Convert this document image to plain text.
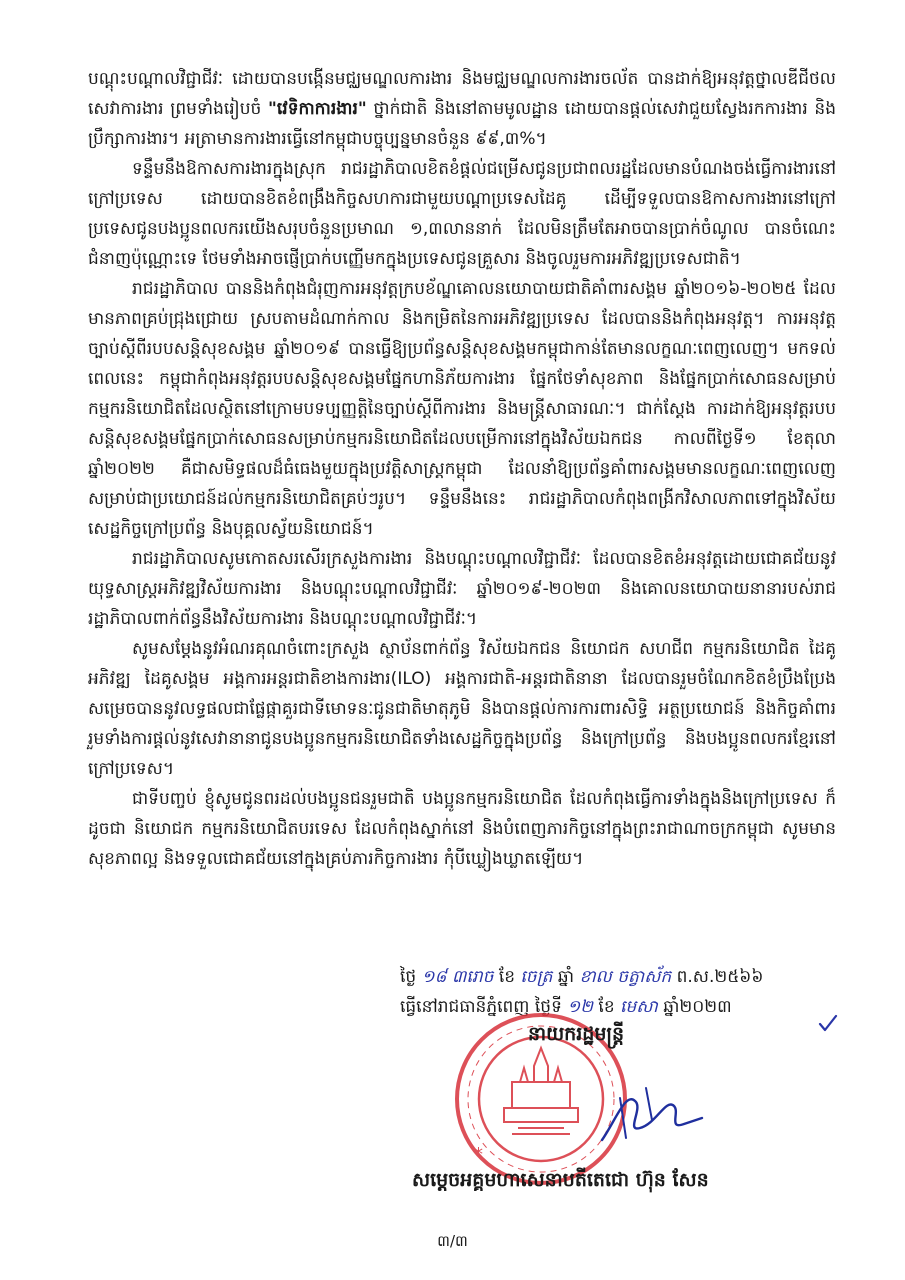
បណ្តុះបណ្តាលវិជ្ជាជីវៈ ដោយបានបង្កើនមជ្ឈមណ្ឌលការងារ និងមជ្ឈមណ្ឌលការងារចល័ត បានដាក់ឱ្យអនុវត្តថ្នាលឌីជីថលសេវាការងារ ព្រមទាំងរៀបចំ "វេទិកាការងារ" ថ្នាក់ជាតិ និងនៅតាមមូលដ្ឋាន ដោយបានផ្តល់សេវាជួយស្វែងរកការងារ និងប្រឹក្សាការងារ។ អត្រាមានការងារធ្វើនៅកម្ពុជាបច្ចុប្បន្នមានចំនួន ៩៩,៣%។

ទន្ទឹមនឹងឱកាសការងារក្នុងស្រុក រាជរដ្ឋាភិបាលខិតខំផ្តល់ជម្រើសជូនប្រជាពលរដ្ឋដែលមានបំណងចង់ធ្វើការងារនៅក្រៅប្រទេស ដោយបានខិតខំពង្រឹងកិច្ចសហការជាមួយបណ្តាប្រទេសដៃគូ ដើម្បីទទួលបានឱកាសការងារនៅក្រៅប្រទេសជូនបងប្អូនពលករយើងសរុបចំនួនប្រមាណ ១,៣លាននាក់ ដែលមិនត្រឹមតែអាចបានប្រាក់ចំណូល បានចំណេះជំនាញប៉ុណ្ណោះទេ ថែមទាំងអាចផ្ញើប្រាក់បញ្ញើមកក្នុងប្រទេសជូនគ្រួសារ និងចូលរួមការអភិវឌ្ឍប្រទេសជាតិ។

រាជរដ្ឋាភិបាល បាននិងកំពុងជំរុញការអនុវត្តក្របខ័ណ្ឌគោលនយោបាយជាតិគាំពារសង្គម ឆ្នាំ២០១៦-២០២៥ ដែលមានភាពគ្រប់ជ្រុងជ្រោយ ស្របតាមដំណាក់កាល និងកម្រិតនៃការអភិវឌ្ឍប្រទេស ដែលបាននិងកំពុងអនុវត្ត។ ការអនុវត្តច្បាប់ស្តីពីរបបសន្តិសុខសង្គម ឆ្នាំ២០១៩ បានធ្វើឱ្យប្រព័ន្ធសន្តិសុខសង្គមកម្ពុជាកាន់តែមានលក្ខណៈពេញលេញ។ មកទល់ពេលនេះ កម្ពុជាកំពុងអនុវត្តរបបសន្តិសុខសង្គមផ្នែកហានិភ័យការងារ ផ្នែកថែទាំសុខភាព និងផ្នែកប្រាក់សោធនសម្រាប់កម្មករនិយោជិតដែលស្ថិតនៅក្រោមបទប្បញ្ញត្តិនៃច្បាប់ស្តីពីការងារ និងមន្ត្រីសាធារណៈ។ ជាក់ស្តែង ការដាក់ឱ្យអនុវត្តរបបសន្តិសុខសង្គមផ្នែកប្រាក់សោធនសម្រាប់កម្មករនិយោជិតដែលបម្រើការនៅក្នុងវិស័យឯកជន កាលពីថ្ងៃទី១ ខែតុលា ឆ្នាំ២០២២ គឺជាសមិទ្ធផលដ៏ធំធេងមួយក្នុងប្រវត្តិសាស្ត្រកម្ពុជា ដែលនាំឱ្យប្រព័ន្ធគាំពារសង្គមមានលក្ខណៈពេញលេញសម្រាប់ជាប្រយោជន៍ដល់កម្មករនិយោជិតគ្រប់ៗរូប។ ទន្ទឹមនឹងនេះ រាជរដ្ឋាភិបាលកំពុងពង្រីកវិសាលភាពទៅក្នុងវិស័យសេដ្ឋកិច្ចក្រៅប្រព័ន្ធ និងបុគ្គលស្វ័យនិយោជន៍។

រាជរដ្ឋាភិបាលសូមកោតសរសើរក្រសួងការងារ និងបណ្តុះបណ្តាលវិជ្ជាជីវៈ ដែលបានខិតខំអនុវត្តដោយជោគជ័យនូវយុទ្ធសាស្ត្រអភិវឌ្ឍវិស័យការងារ និងបណ្តុះបណ្តាលវិជ្ជាជីវៈ ឆ្នាំ២០១៩-២០២៣ និងគោលនយោបាយនានារបស់រាជរដ្ឋាភិបាលពាក់ព័ន្ធនឹងវិស័យការងារ និងបណ្តុះបណ្តាលវិជ្ជាជីវៈ។

សូមសម្តែងនូវអំណរគុណចំពោះក្រសួង ស្ថាប័នពាក់ព័ន្ធ វិស័យឯកជន និយោជក សហជីព កម្មករនិយោជិត ដៃគូអភិវឌ្ឍ ដៃគូសង្គម អង្គការអន្តរជាតិខាងការងារ(ILO) អង្គការជាតិ-អន្តរជាតិនានា ដែលបានរួមចំណែកខិតខំប្រឹងប្រែងសម្រេចបាននូវលទ្ធផលជាផ្លែផ្កាគួរជាទីមោទនៈជូនជាតិមាតុភូមិ និងបានផ្តល់ការការពារសិទ្ធិ អត្ថប្រយោជន៍ និងកិច្ចគាំពារ រួមទាំងការផ្តល់នូវសេវានានាជូនបងប្អូនកម្មករនិយោជិតទាំងសេដ្ឋកិច្ចក្នុងប្រព័ន្ធ និងក្រៅប្រព័ន្ធ និងបងប្អូនពលករខ្មែរនៅក្រៅប្រទេស។

ជាទីបញ្ចប់ ខ្ញុំសូមជូនពរដល់បងប្អូនជនរួមជាតិ បងប្អូនកម្មករនិយោជិត ដែលកំពុងធ្វើការទាំងក្នុងនិងក្រៅប្រទេស ក៏ដូចជា និយោជក កម្មករនិយោជិតបរទេស ដែលកំពុងស្នាក់នៅ និងបំពេញភារកិច្ចនៅក្នុងព្រះរាជាណាចក្រកម្ពុជា សូមមានសុខភាពល្អ និងទទួលជោគជ័យនៅក្នុងគ្រប់ភារកិច្ចការងារ កុំបីឃ្លៀងឃ្លាតឡើយ។

ថ្ងៃ ១៨ ៣រោច ខែ ចេត្រ ឆ្នាំ ខាល ចត្វាស័ក ព.ស.២៥៦៦
ធ្វើនៅរាជធានីភ្នំពេញ ថ្ងៃទី ១២ ខែ មេសា ឆ្នាំ២០២៣
*
នាយករដ្ឋមន្ត្រី
សម្តេចអគ្គមហាសេនាបតីតេជោ ហ៊ុន សែន
៣/៣
